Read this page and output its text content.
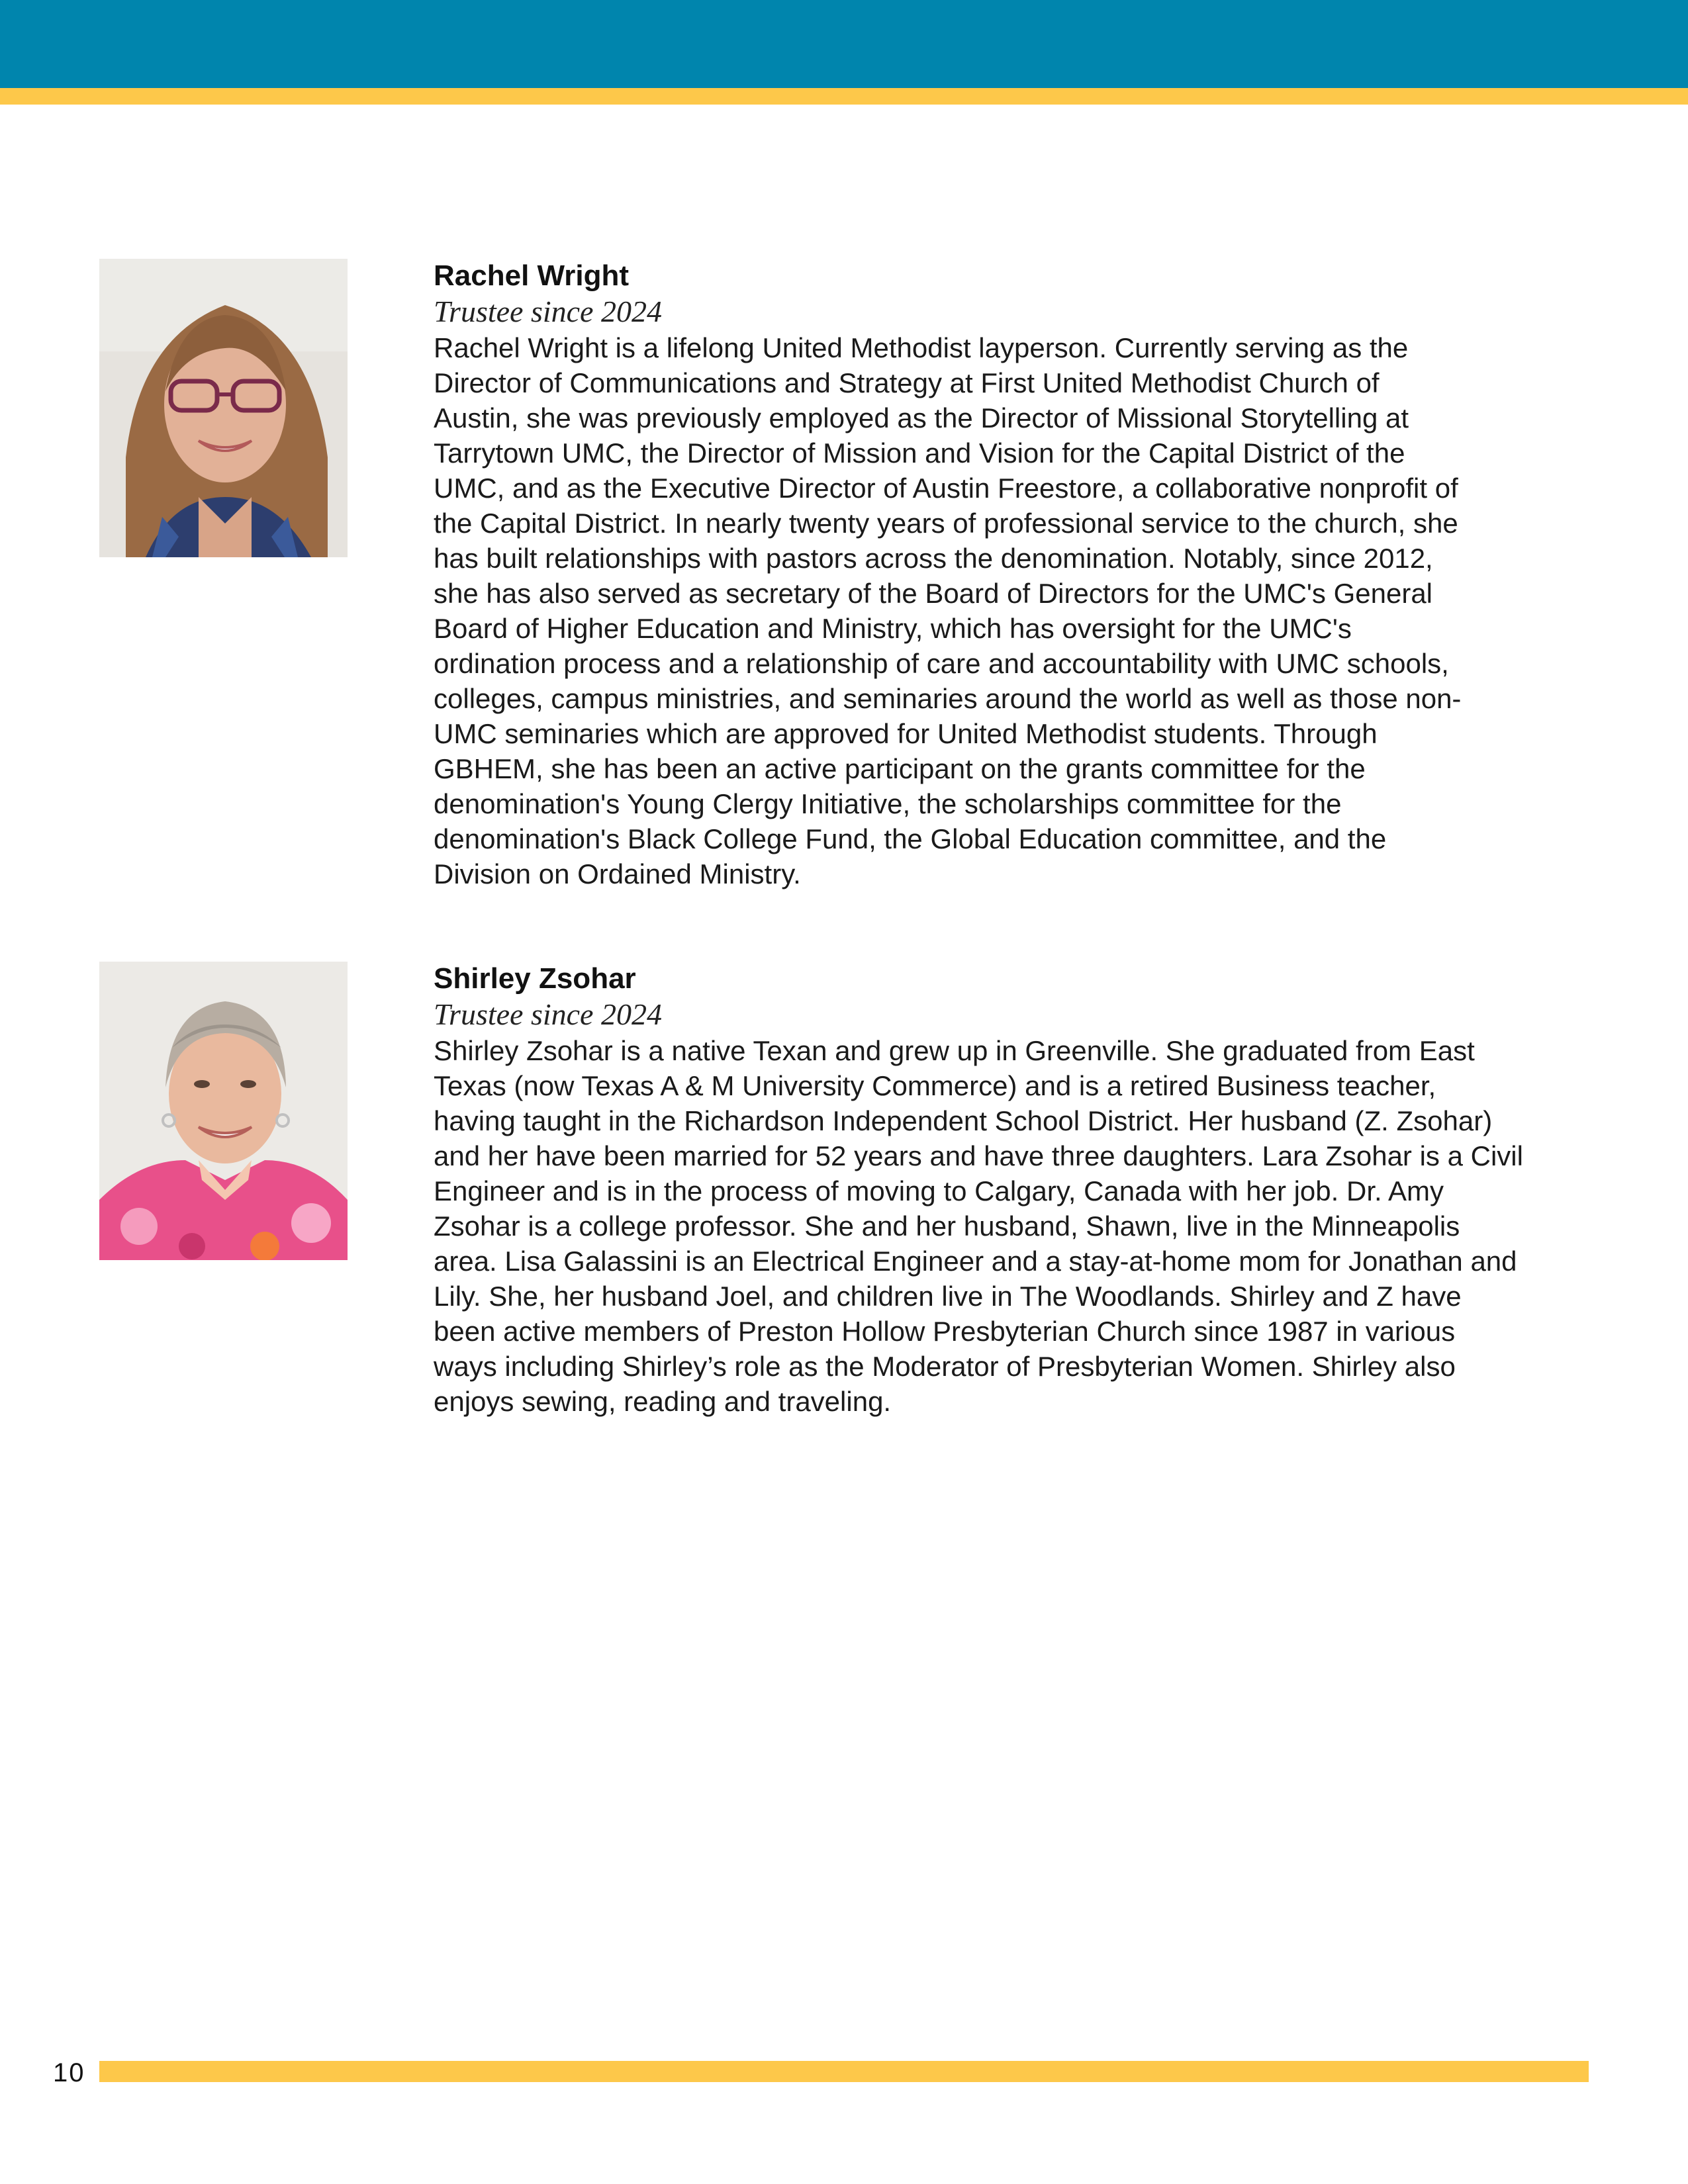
Rachel Wright
Trustee since 2024

Rachel Wright is a lifelong United Methodist layperson. Currently serving as the

Director of Communications and Strategy at First United Methodist Church of

Austin, she was previously employed as the Director of Missional Storytelling at

Tarrytown UMC, the Director of Mission and Vision for the Capital District of the

UMC, and as the Executive Director of Austin Freestore, a collaborative nonprofit of

the Capital District. In nearly twenty years of professional service to the church, she

has built relationships with pastors across the denomination. Notably, since 2012,

she has also served as secretary of the Board of Directors for the UMC's General

Board of Higher Education and Ministry, which has oversight for the UMC's

ordination process and a relationship of care and accountability with UMC schools,

colleges, campus ministries, and seminaries around the world as well as those non-

UMC seminaries which are approved for United Methodist students. Through

GBHEM, she has been an active participant on the grants committee for the

denomination's Young Clergy Initiative, the scholarships committee for the

denomination's Black College Fund, the Global Education committee, and the

Division on Ordained Ministry.

Shirley Zsohar
Trustee since 2024

Shirley Zsohar is a native Texan and grew up in Greenville. She graduated from East

Texas (now Texas A & M University Commerce) and is a retired Business teacher,

having taught in the Richardson Independent School District. Her husband (Z. Zsohar)

and her have been married for 52 years and have three daughters. Lara Zsohar is a Civil

Engineer and is in the process of moving to Calgary, Canada with her job. Dr. Amy

Zsohar is a college professor. She and her husband, Shawn, live in the Minneapolis

area. Lisa Galassini is an Electrical Engineer and a stay-at-home mom for Jonathan and

Lily. She, her husband Joel, and children live in The Woodlands. Shirley and Z have

been active members of Preston Hollow Presbyterian Church since 1987 in various

ways including Shirley’s role as the Moderator of Presbyterian Women. Shirley also

enjoys sewing, reading and traveling.

10
